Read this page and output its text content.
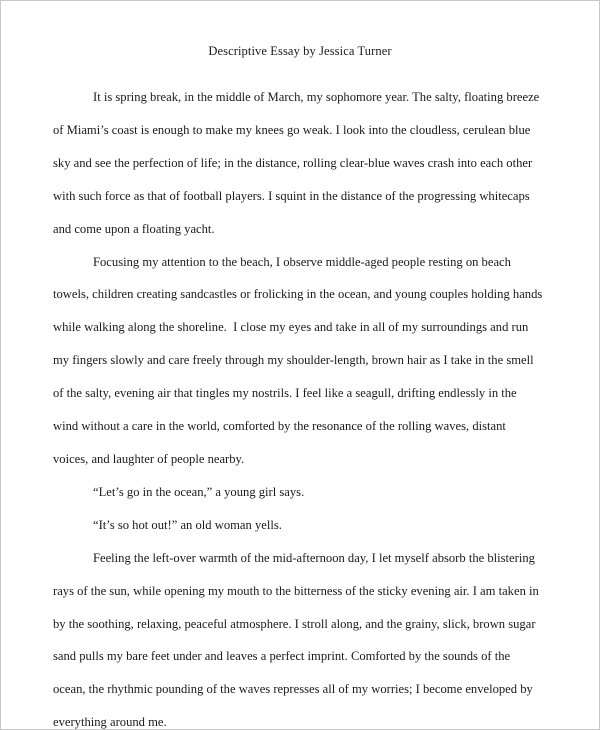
Descriptive Essay by Jessica Turner

It is spring break, in the middle of March, my sophomore year. The salty, floating breeze
of Miami’s coast is enough to make my knees go weak. I look into the cloudless, cerulean blue
sky and see the perfection of life; in the distance, rolling clear-blue waves crash into each other
with such force as that of football players. I squint in the distance of the progressing whitecaps
and come upon a floating yacht.

Focusing my attention to the beach, I observe middle-aged people resting on beach
towels, children creating sandcastles or frolicking in the ocean, and young couples holding hands
while walking along the shoreline.  I close my eyes and take in all of my surroundings and run
my fingers slowly and care freely through my shoulder-length, brown hair as I take in the smell
of the salty, evening air that tingles my nostrils. I feel like a seagull, drifting endlessly in the
wind without a care in the world, comforted by the resonance of the rolling waves, distant
voices, and laughter of people nearby.

“Let’s go in the ocean,” a young girl says.

“It’s so hot out!” an old woman yells.

Feeling the left-over warmth of the mid-afternoon day, I let myself absorb the blistering
rays of the sun, while opening my mouth to the bitterness of the sticky evening air. I am taken in
by the soothing, relaxing, peaceful atmosphere. I stroll along, and the grainy, slick, brown sugar
sand pulls my bare feet under and leaves a perfect imprint. Comforted by the sounds of the
ocean, the rhythmic pounding of the waves represses all of my worries; I become enveloped by
everything around me.
